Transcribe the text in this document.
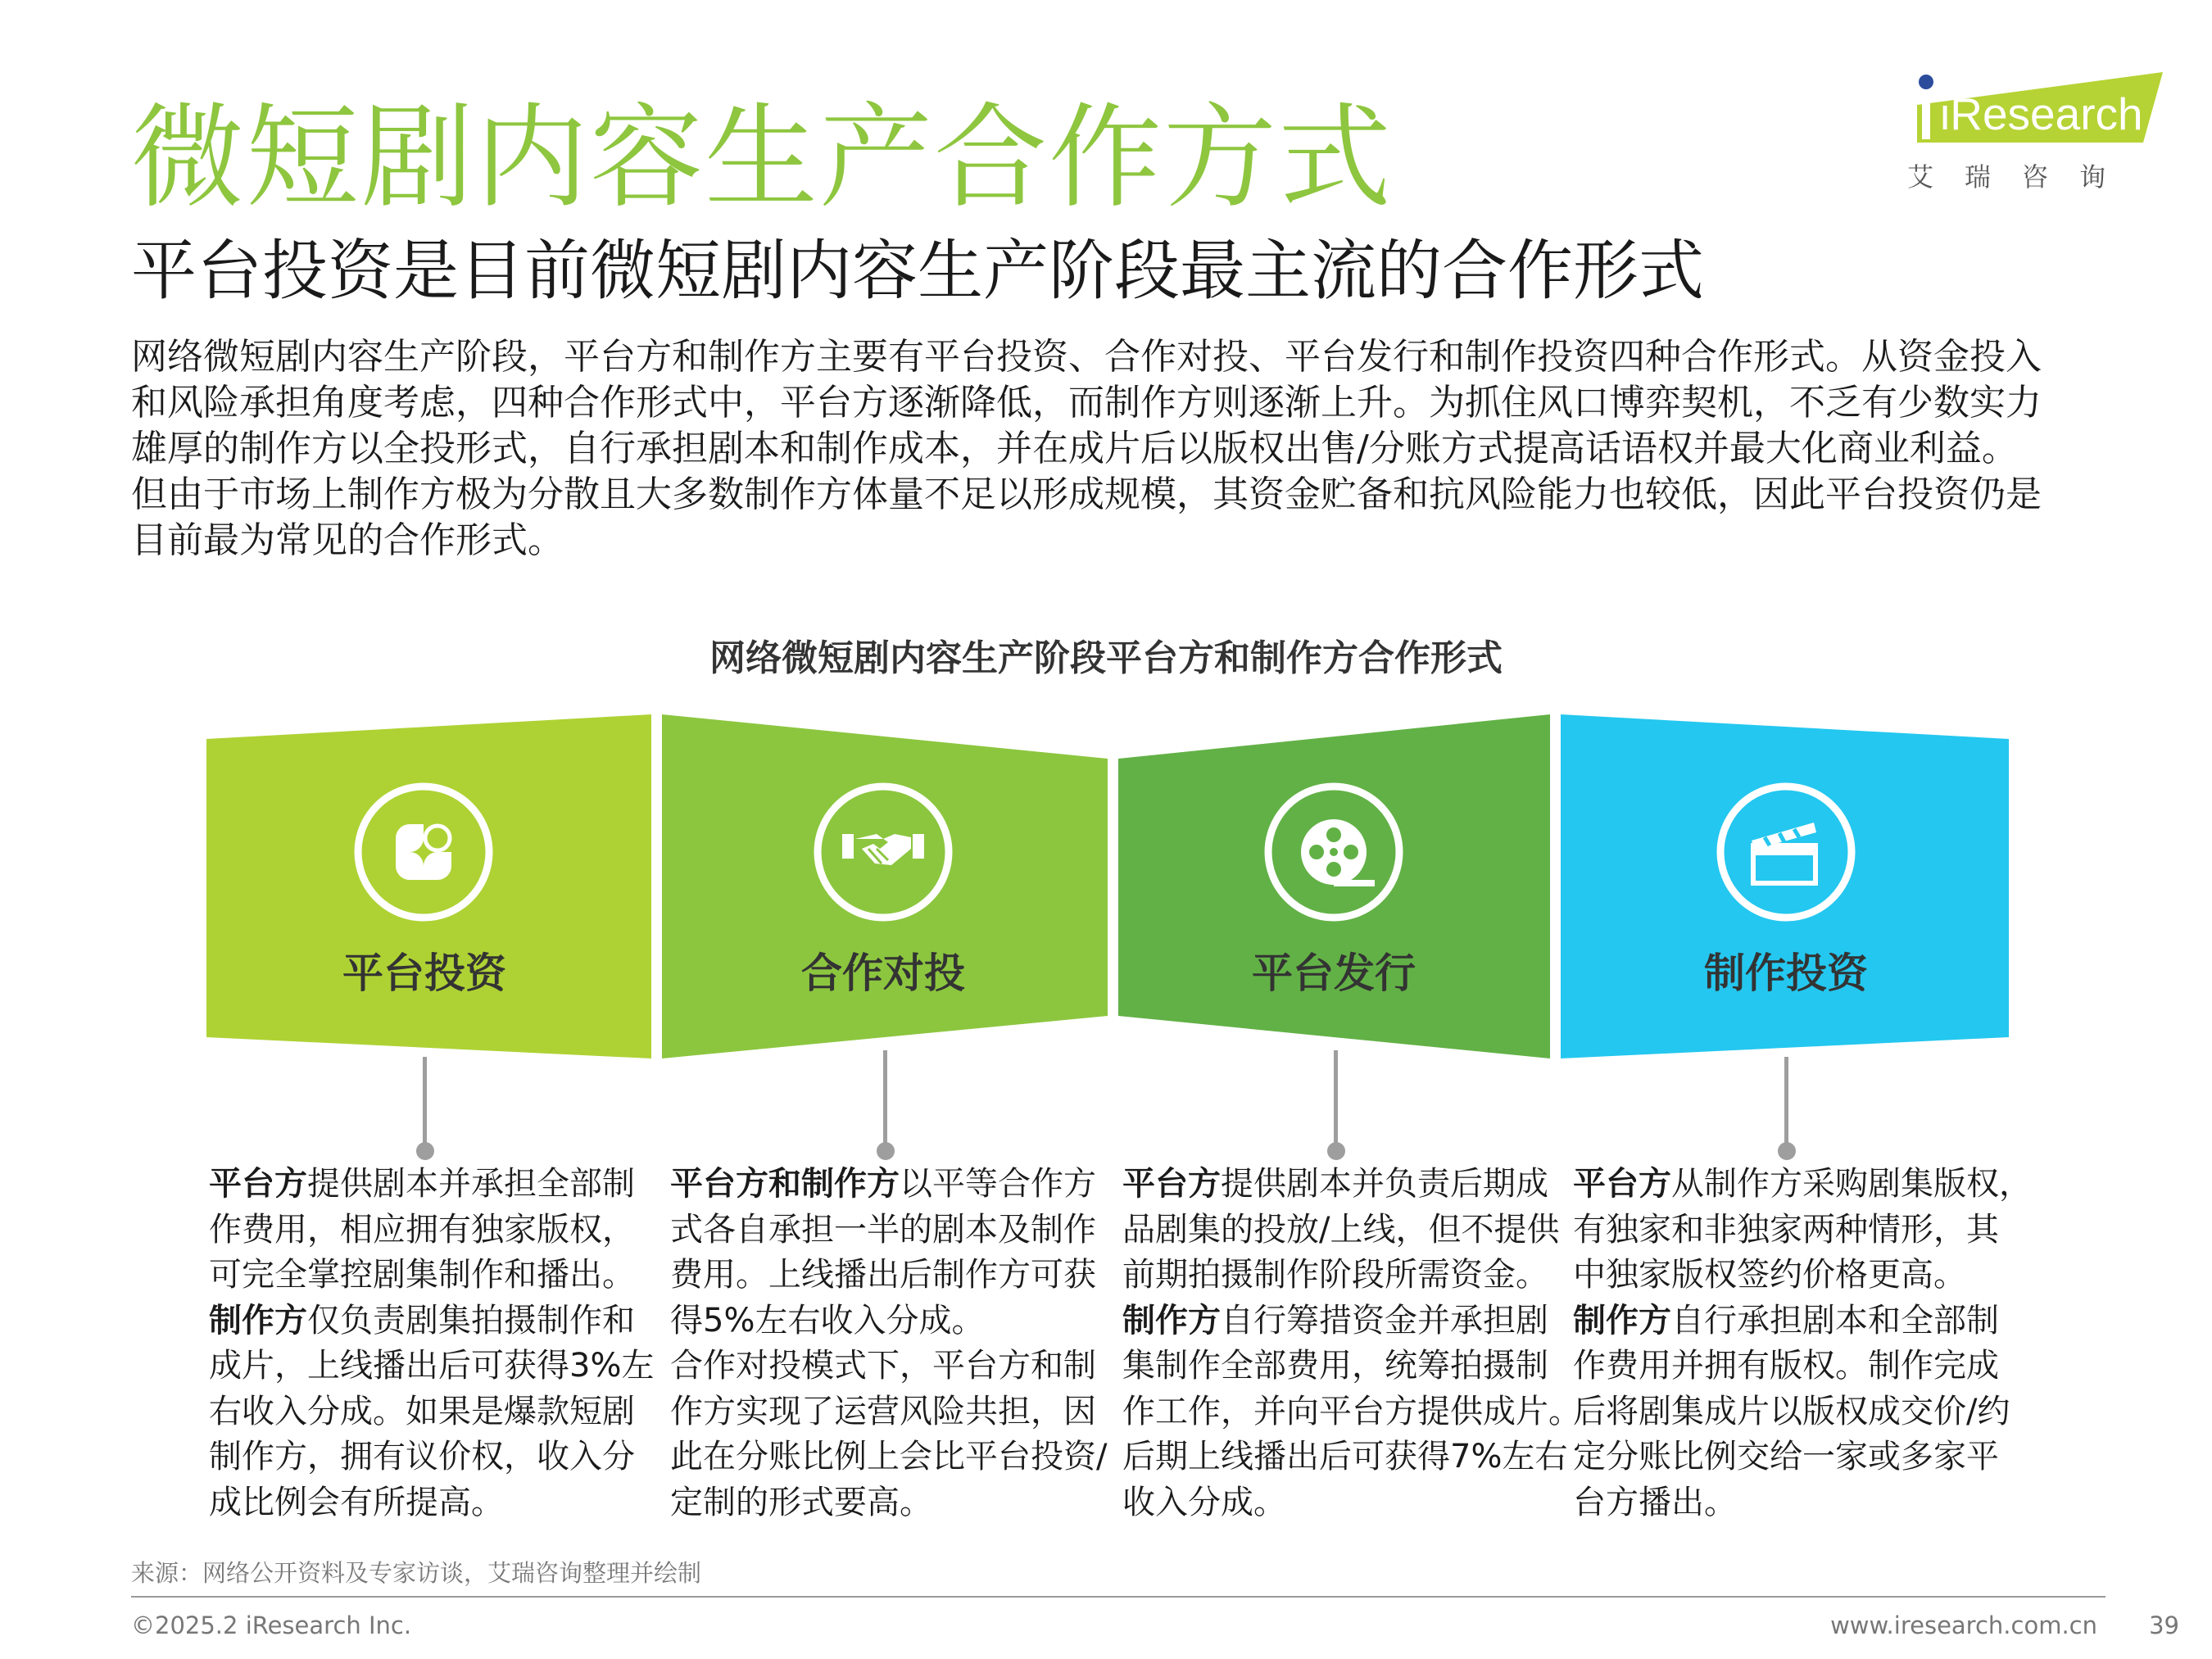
微短剧内容生产合作方式
平台投资是目前微短剧内容生产阶段最主流的合作形式
iResearch
艾瑞咨询
网络微短剧内容生产阶段，平台方和制作方主要有平台投资、合作对投、平台发行和制作投资四种合作形式。从资金投入
和风险承担角度考虑，四种合作形式中，平台方逐渐降低，而制作方则逐渐上升。为抓住风口博弈契机，不乏有少数实力
雄厚的制作方以全投形式，自行承担剧本和制作成本，并在成片后以版权出售/分账方式提高话语权并最大化商业利益。
但由于市场上制作方极为分散且大多数制作方体量不足以形成规模，其资金贮备和抗风险能力也较低，因此平台投资仍是
目前最为常见的合作形式。
网络微短剧内容生产阶段平台方和制作方合作形式
平台投资	合作对投	平台发行	制作投资

平台方提供剧本并承担全部制
作费用，相应拥有独家版权，
可完全掌控剧集制作和播出。

制作方仅负责剧集拍摄制作和
成片，上线播出后可获得3%左
右收入分成。如果是爆款短剧
制作方，拥有议价权，收入分
成比例会有所提高。

平台方和制作方以平等合作方
式各自承担一半的剧本及制作
费用。上线播出后制作方可获
得5%左右收入分成。

合作对投模式下，平台方和制
作方实现了运营风险共担，因
此在分账比例上会比平台投资/
定制的形式要高。

平台方提供剧本并负责后期成
品剧集的投放/上线，但不提供
前期拍摄制作阶段所需资金。

制作方自行筹措资金并承担剧
集制作全部费用，统筹拍摄制
作工作，并向平台方提供成片。
后期上线播出后可获得7%左右
收入分成。

平台方从制作方采购剧集版权，
有独家和非独家两种情形，其
中独家版权签约价格更高。

制作方自行承担剧本和全部制
作费用并拥有版权。制作完成
后将剧集成片以版权成交价/约
定分账比例交给一家或多家平
台方播出。

来源：网络公开资料及专家访谈，艾瑞咨询整理并绘制
©2025.2 iResearch Inc.	www.iresearch.com.cn 39
